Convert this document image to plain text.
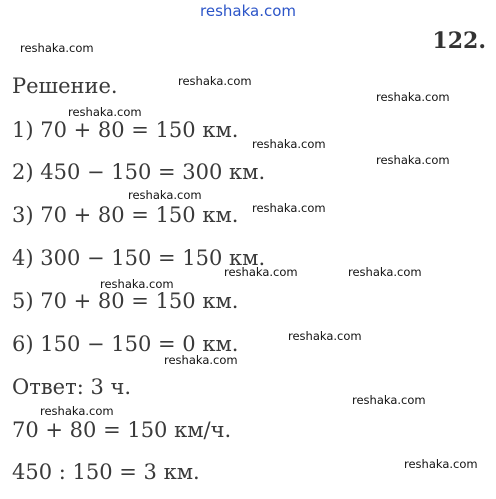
reshaka.com
122.
Решение.
1) 70 + 80 = 150 км.
2) 450 − 150 = 300 км.
3) 70 + 80 = 150 км.
4) 300 − 150 = 150 км.
5) 70 + 80 = 150 км.
6) 150 − 150 = 0 км.
Ответ: 3 ч.
70 + 80 = 150 км/ч.
450 : 150 = 3 км.
reshaka.com
reshaka.com
reshaka.com
reshaka.com
reshaka.com
reshaka.com
reshaka.com
reshaka.com
reshaka.com	reshaka.com
reshaka.com
reshaka.com
reshaka.com
reshaka.com
reshaka.com
reshaka.com
